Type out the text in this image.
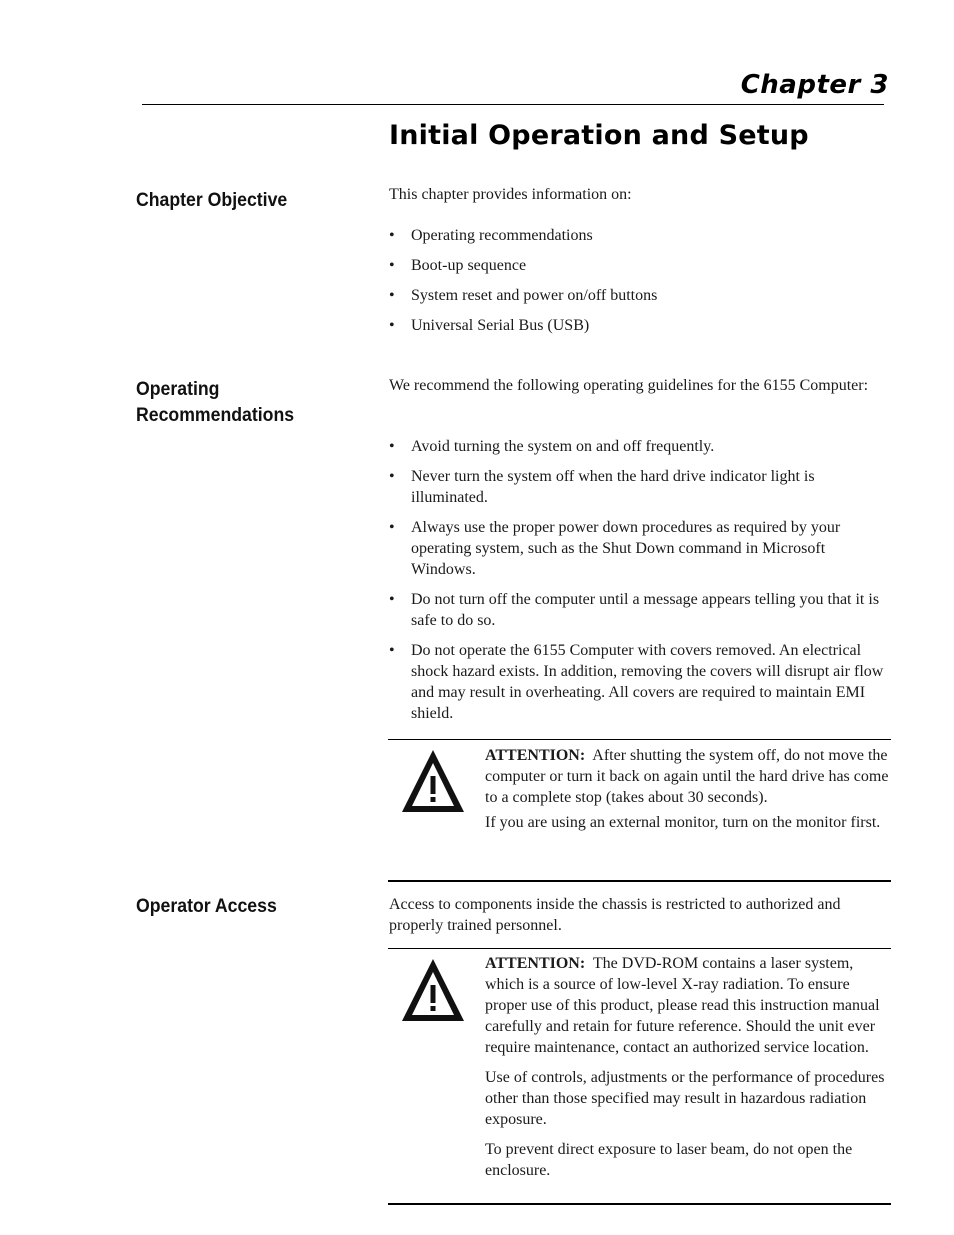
Chapter 3
Initial Operation and Setup
Chapter Objective	This chapter provides information on:

• Operating recommendations
• Boot-up sequence
• System reset and power on/off buttons
• Universal Serial Bus (USB)
Operating
Recommendations

We recommend the following operating guidelines for the 6155 Computer:

• Avoid turning the system on and off frequently.
• Never turn the system off when the hard drive indicator light is illuminated.
• Always use the proper power down procedures as required by your operating system, such as the Shut Down command in Microsoft Windows.
• Do not turn off the computer until a message appears telling you that it is safe to do so.
• Do not operate the 6155 Computer with covers removed. An electrical shock hazard exists. In addition, removing the covers will disrupt air flow and may result in overheating. All covers are required to maintain EMI shield.

ATTENTION: After shutting the system off, do not move the computer or turn it back on again until the hard drive has come to a complete stop (takes about 30 seconds).

If you are using an external monitor, turn on the monitor first.

Operator Access	Access to components inside the chassis is restricted to authorized and properly trained personnel.

ATTENTION: The DVD-ROM contains a laser system, which is a source of low-level X-ray radiation. To ensure proper use of this product, please read this instruction manual carefully and retain for future reference. Should the unit ever require maintenance, contact an authorized service location.

Use of controls, adjustments or the performance of procedures other than those specified may result in hazardous radiation exposure.

To prevent direct exposure to laser beam, do not open the enclosure.
